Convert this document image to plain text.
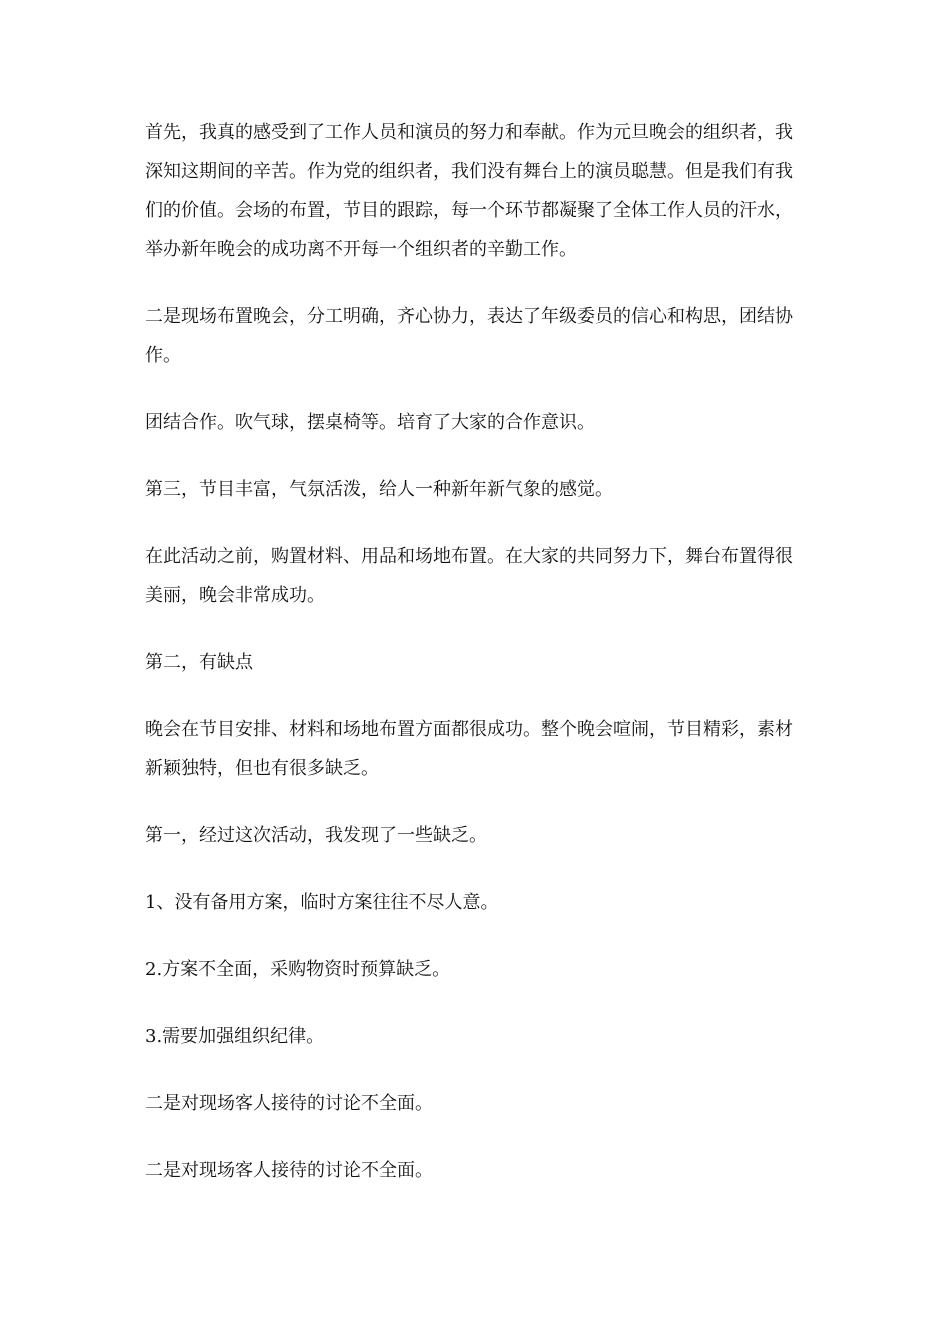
首先，我真的感受到了工作人员和演员的努力和奉献。作为元旦晚会的组织者，我深知这期间的辛苦。作为党的组织者，我们没有舞台上的演员聪慧。但是我们有我们的价值。会场的布置，节目的跟踪，每一个环节都凝聚了全体工作人员的汗水，举办新年晚会的成功离不开每一个组织者的辛勤工作。

二是现场布置晚会，分工明确，齐心协力，表达了年级委员的信心和构思，团结协作。

团结合作。吹气球，摆桌椅等。培育了大家的合作意识。

第三，节目丰富，气氛活泼，给人一种新年新气象的感觉。

在此活动之前，购置材料、用品和场地布置。在大家的共同努力下，舞台布置得很美丽，晚会非常成功。

第二，有缺点

晚会在节目安排、材料和场地布置方面都很成功。整个晚会喧闹，节目精彩，素材新颖独特，但也有很多缺乏。

第一，经过这次活动，我发现了一些缺乏。

1、没有备用方案，临时方案往往不尽人意。

2.方案不全面，采购物资时预算缺乏。

3.需要加强组织纪律。

二是对现场客人接待的讨论不全面。

二是对现场客人接待的讨论不全面。
